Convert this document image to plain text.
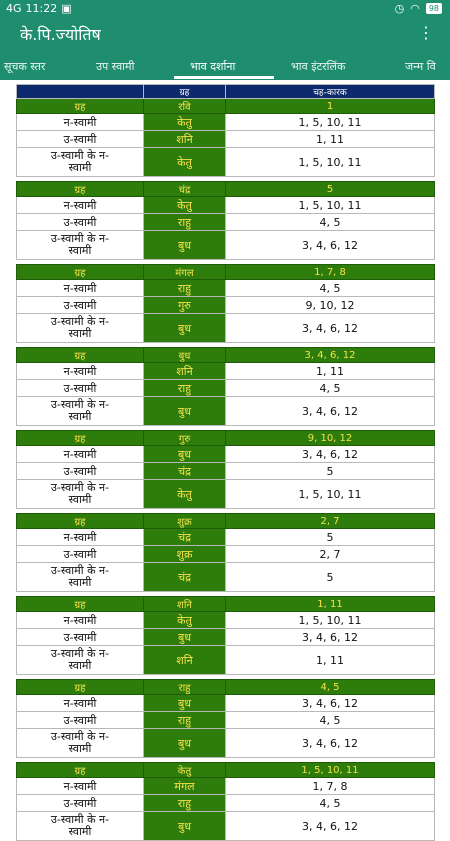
4G 11:22 ▣	◷ ◠	98
के.पि.ज्योतिष	⋮
सूचक स्तर	उप स्वामी	भाव दर्शाना	भाव इंटरलिंक	जन्म वि
	ग्रह	चह-कारक
ग्रह	रवि	1
न-स्वामी	केतु	1, 5, 10, 11
उ-स्वामी	शनि	1, 11

उ-स्वामी के न-
स्वामी	केतु	1, 5, 10, 11

ग्रह	चंद्र	5
न-स्वामी	केतु	1, 5, 10, 11
उ-स्वामी	राहु	4, 5

उ-स्वामी के न-
स्वामी	बुध	3, 4, 6, 12

ग्रह	मंगल	1, 7, 8
न-स्वामी	राहु	4, 5
उ-स्वामी	गुरु	9, 10, 12

उ-स्वामी के न-
स्वामी	बुध	3, 4, 6, 12

ग्रह	बुध	3, 4, 6, 12
न-स्वामी	शनि	1, 11
उ-स्वामी	राहु	4, 5

उ-स्वामी के न-
स्वामी	बुध	3, 4, 6, 12

ग्रह	गुरु	9, 10, 12
न-स्वामी	बुध	3, 4, 6, 12
उ-स्वामी	चंद्र	5

उ-स्वामी के न-
स्वामी	केतु	1, 5, 10, 11

ग्रह	शुक्र	2, 7
न-स्वामी	चंद्र	5
उ-स्वामी	शुक्र	2, 7

उ-स्वामी के न-
स्वामी	चंद्र	5

ग्रह	शनि	1, 11
न-स्वामी	केतु	1, 5, 10, 11
उ-स्वामी	बुध	3, 4, 6, 12

उ-स्वामी के न-
स्वामी	शनि	1, 11

ग्रह	राहु	4, 5
न-स्वामी	बुध	3, 4, 6, 12
उ-स्वामी	राहु	4, 5

उ-स्वामी के न-
स्वामी	बुध	3, 4, 6, 12

ग्रह	केतु	1, 5, 10, 11
न-स्वामी	मंगल	1, 7, 8
उ-स्वामी	राहु	4, 5

उ-स्वामी के न-
स्वामी	बुध	3, 4, 6, 12
